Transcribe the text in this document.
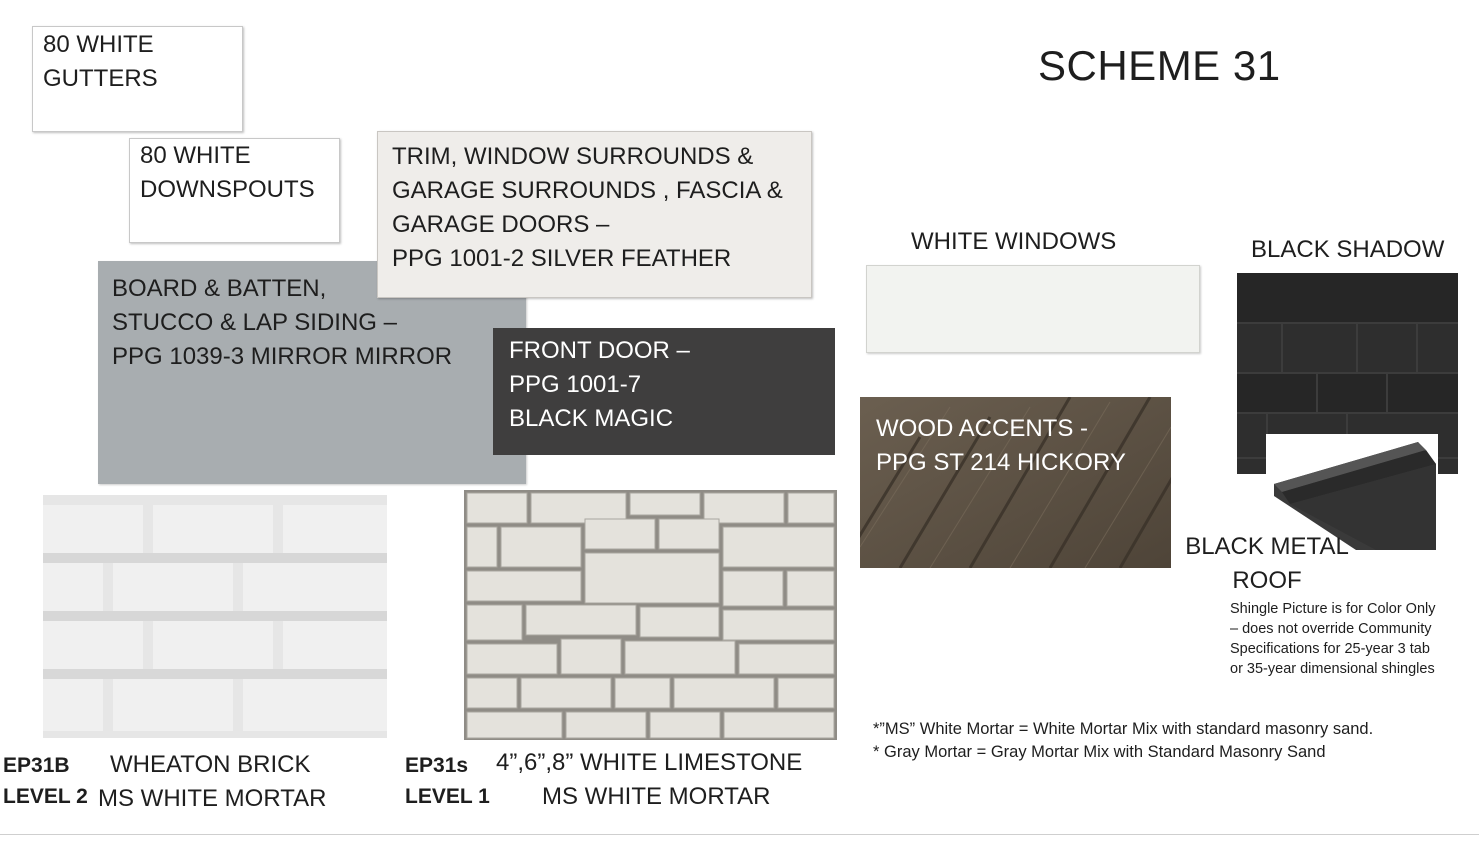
SCHEME 31
80 WHITE
GUTTERS
80 WHITE
DOWNSPOUTS
BOARD & BATTEN,
STUCCO & LAP SIDING –
PPG 1039-3 MIRROR MIRROR
TRIM, WINDOW SURROUNDS &
GARAGE SURROUNDS , FASCIA &
GARAGE DOORS –
PPG 1001-2 SILVER FEATHER
FRONT DOOR –
PPG 1001-7
BLACK MAGIC
WHITE WINDOWS
WOOD ACCENTS -
PPG ST 214 HICKORY
BLACK SHADOW
BLACK METAL
ROOF
Shingle Picture is for Color Only
– does not override Community
Specifications for 25-year 3 tab
or 35-year dimensional shingles
EP31B
LEVEL 2
WHEATON BRICK
MS WHITE MORTAR
EP31s
LEVEL 1
4”,6”,8” WHITE LIMESTONE
MS WHITE MORTAR
*”MS” White Mortar = White Mortar Mix with standard masonry sand.
* Gray Mortar = Gray Mortar Mix with Standard Masonry Sand
